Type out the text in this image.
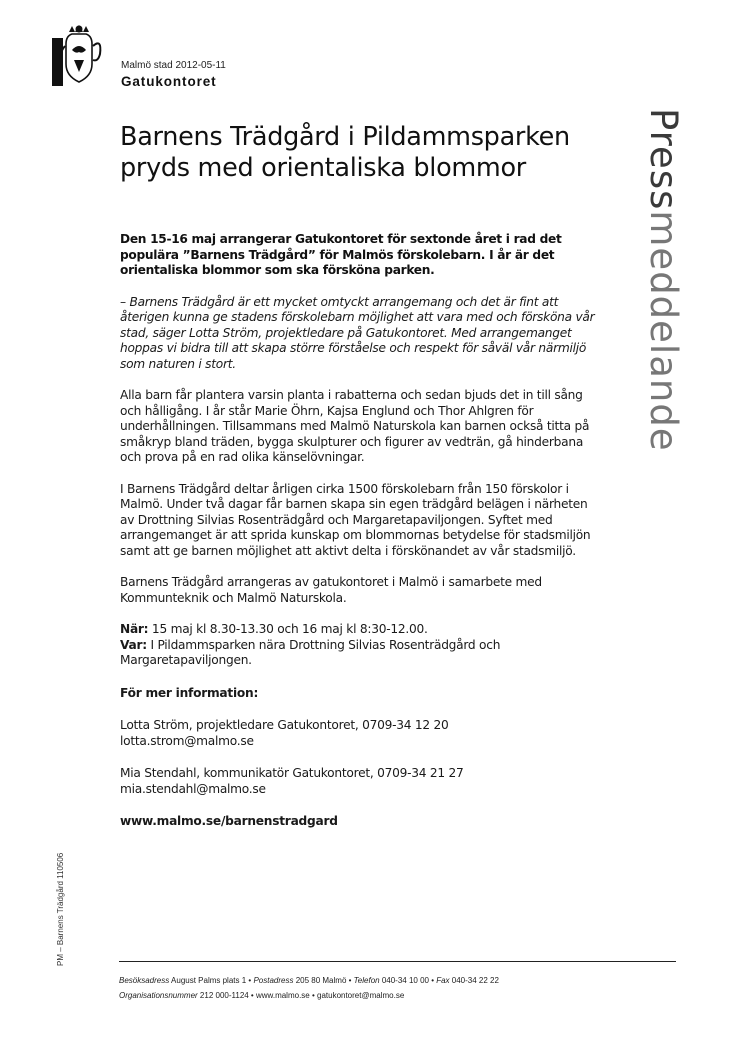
Malmö stad 2012-05-11
Gatukontoret
Pressmeddelande
Barnens Trädgård i Pildammsparken pryds med orientaliska blommor

Den 15-16 maj arrangerar Gatukontoret för sextonde året i rad det populära ”Barnens Trädgård” för Malmös förskolebarn. I år är det orientaliska blommor som ska försköna parken.

– Barnens Trädgård är ett mycket omtyckt arrangemang och det är fint att återigen kunna ge stadens förskolebarn möjlighet att vara med och försköna vår stad, säger Lotta Ström, projektledare på Gatukontoret. Med arrangemanget hoppas vi bidra till att skapa större förståelse och respekt för såväl vår närmiljö som naturen i stort.

Alla barn får plantera varsin planta i rabatterna och sedan bjuds det in till sång och hålligång. I år står Marie Öhrn, Kajsa Englund och Thor Ahlgren för underhållningen. Tillsammans med Malmö Naturskola kan barnen också titta på småkryp bland träden, bygga skulpturer och figurer av vedträn, gå hinderbana och prova på en rad olika känselövningar.

I Barnens Trädgård deltar årligen cirka 1500 förskolebarn från 150 förskolor i Malmö. Under två dagar får barnen skapa sin egen trädgård belägen i närheten av Drottning Silvias Rosenträdgård och Margaretapaviljongen. Syftet med arrangemanget är att sprida kunskap om blommornas betydelse för stadsmiljön samt att ge barnen möjlighet att aktivt delta i förskönandet av vår stadsmiljö.

Barnens Trädgård arrangeras av gatukontoret i Malmö i samarbete med Kommunteknik och Malmö Naturskola.

När: 15 maj kl 8.30-13.30 och 16 maj kl 8:30-12.00.

Var: I Pildammsparken nära Drottning Silvias Rosenträdgård och Margaretapaviljongen.

För mer information:

Lotta Ström, projektledare Gatukontoret, 0709-34 12 20

lotta.strom@malmo.se

Mia Stendahl, kommunikatör Gatukontoret, 0709-34 21 27

mia.stendahl@malmo.se

www.malmo.se/barnenstradgard

PM – Barnens Trädgård 110506
Besöksadress August Palms plats 1 • Postadress 205 80 Malmö • Telefon 040-34 10 00 • Fax 040-34 22 22
Organisationsnummer 212 000-1124 • www.malmo.se • gatukontoret@malmo.se
